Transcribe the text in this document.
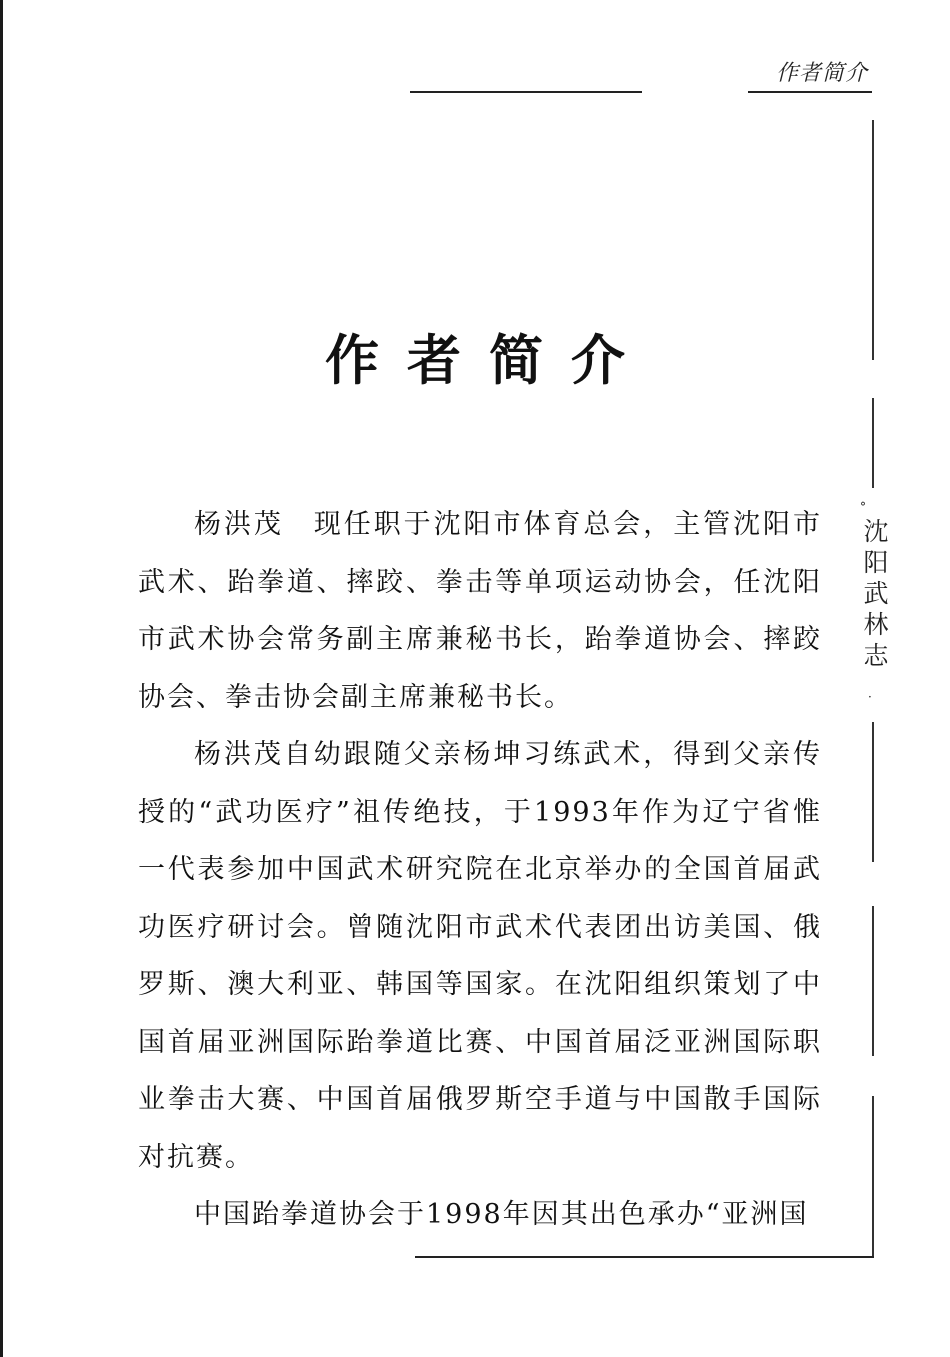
作者简介
作者简介

杨洪茂　 现任职于沈阳市体育总会，主管沈阳市武术、跆拳道、摔跤、拳击等单项运动协会，任沈阳市武术协会常务副主席兼秘书长，跆拳道协会、摔跤协会、拳击协会副主席兼秘书长。

杨洪茂自幼跟随父亲杨坤习练武术，得到父亲传授的“武功医疗”祖传绝技，于1993年作为辽宁省惟一代表参加中国武术研究院在北京举办的全国首届武功医疗研讨会。曾随沈阳市武术代表团出访美国、俄罗斯、澳大利亚、韩国等国家。在沈阳组织策划了中国首届亚洲国际跆拳道比赛、中国首届泛亚洲国际职业拳击大赛、中国首届俄罗斯空手道与中国散手国际对抗赛。

中国跆拳道协会于1998年因其出色承办“亚洲国

°
沈阳武林志
·
